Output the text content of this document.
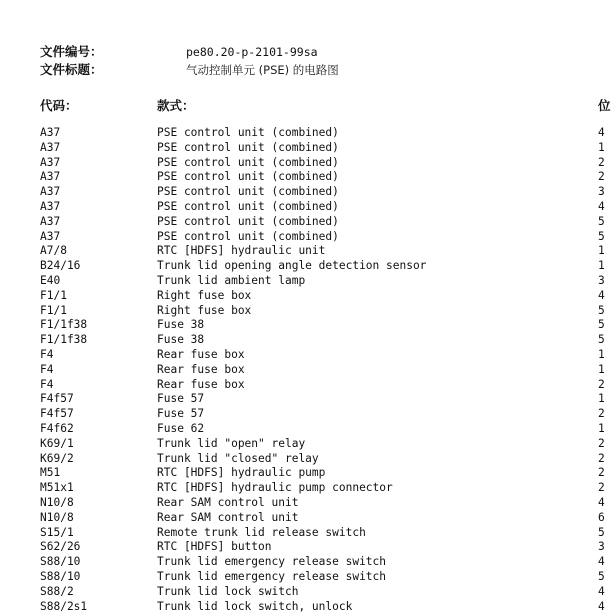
文件编号：	pe80.20-p-2101-99sa
文件标题：	气动控制单元 (PSE) 的电路图
代码：	款式：	位
A37	PSE control unit (combined)	4
A37	PSE control unit (combined)	1
A37	PSE control unit (combined)	2
A37	PSE control unit (combined)	2
A37	PSE control unit (combined)	3
A37	PSE control unit (combined)	4
A37	PSE control unit (combined)	5
A37	PSE control unit (combined)	5
A7/8	RTC [HDFS] hydraulic unit	1
B24/16	Trunk lid opening angle detection sensor	1
E40	Trunk lid ambient lamp	3
F1/1	Right fuse box	4
F1/1	Right fuse box	5
F1/1f38	Fuse 38	5
F1/1f38	Fuse 38	5
F4	Rear fuse box	1
F4	Rear fuse box	1
F4	Rear fuse box	2
F4f57	Fuse 57	1
F4f57	Fuse 57	2
F4f62	Fuse 62	1
K69/1	Trunk lid "open" relay	2
K69/2	Trunk lid "closed" relay	2
M51	RTC [HDFS] hydraulic pump	2
M51x1	RTC [HDFS] hydraulic pump connector	2
N10/8	Rear SAM control unit	4
N10/8	Rear SAM control unit	6
S15/1	Remote trunk lid release switch	5
S62/26	RTC [HDFS] button	3
S88/10	Trunk lid emergency release switch	4
S88/10	Trunk lid emergency release switch	5
S88/2	Trunk lid lock switch	4
S88/2s1	Trunk lid lock switch, unlock	4
